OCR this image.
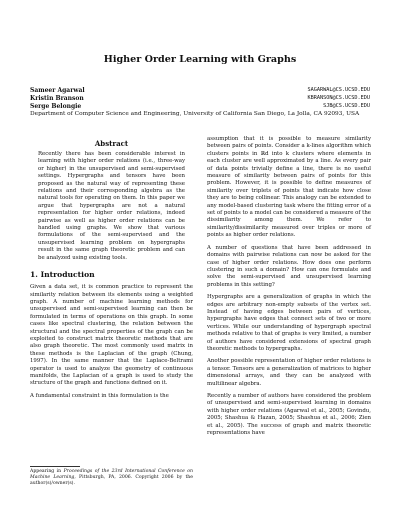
Higher Order Learning with Graphs
Sameer Agarwal	SAGARWAL@CS.UCSD.EDU
Kristin Branson	KBRANSON@CS.UCSD.EDU
Serge Belongie	SJB@CS.UCSD.EDU
Department of Computer Science and Engineering, University of California San Diego, La Jolla, CA 92093, USA
Abstract
Recently there has been considerable interest in learning with higher order relations (i.e., three-way or higher) in the unsupervised and semi-supervised settings. Hypergraphs and tensors have been proposed as the natural way of representing these relations and their corresponding algebra as the natural tools for operating on them. In this paper we argue that hypergraphs are not a natural representation for higher order relations, indeed pairwise as well as higher order relations can be handled using graphs. We show that various formulations of the semi-supervised and the unsupervised learning problem on hypergraphs result in the same graph theoretic problem and can be analyzed using existing tools.
1. Introduction

Given a data set, it is common practice to represent the similarity relation between its elements using a weighted graph. A number of machine learning methods for unsupervised and semi-supervised learning can then be formulated in terms of operations on this graph. In some cases like spectral clustering, the relation between the structural and the spectral properties of the graph can be exploited to construct matrix theoretic methods that are also graph theoretic. The most commonly used matrix in these methods is the Laplacian of the graph (Chung, 1997). In the same manner that the Laplace-Beltrami operator is used to analyze the geometry of continuous manifolds, the Laplacian of a graph is used to study the structure of the graph and functions defined on it.

A fundamental constraint in this formulation is the

Appearing in Proceedings of the 23rd International Conference on Machine Learning, Pittsburgh, PA, 2006. Copyright 2006 by the author(s)/owner(s).

assumption that it is possible to measure similarity between pairs of points. Consider a k-lines algorithm which clusters points in ℝd into k clusters where elements in each cluster are well approximated by a line. As every pair of data points trivially define a line, there is no useful measure of similarity between pairs of points for this problem. However, it is possible to define measures of similarity over triplets of points that indicate how close they are to being collinear. This analogy can be extended to any model-based clustering task where the fitting error of a set of points to a model can be considered a measure of the dissimilarity among them. We refer to similarity/dissimilarity measured over triples or more of points as higher order relations.

A number of questions that have been addressed in domains with pairwise relations can now be asked for the case of higher order relations. How does one perform clustering in such a domain? How can one formulate and solve the semi-supervised and unsupervised learning problems in this setting?

Hypergraphs are a generalization of graphs in which the edges are arbitrary non-empty subsets of the vertex set. Instead of having edges between pairs of vertices, hypergraphs have edges that connect sets of two or more vertices. While our understanding of hypergraph spectral methods relative to that of graphs is very limited, a number of authors have considered extensions of spectral graph theoretic methods to hypergraphs.

Another possible representation of higher order relations is a tensor. Tensors are a generalization of matrices to higher dimensional arrays, and they can be analyzed with multilinear algebra.

Recently a number of authors have considered the problem of unsupervised and semi-supervised learning in domains with higher order relations (Agarwal et al., 2005; Govindu, 2005; Shashua & Hazan, 2005; Shashua et al., 2006; Zien et al., 2005). The success of graph and matrix theoretic representations have
